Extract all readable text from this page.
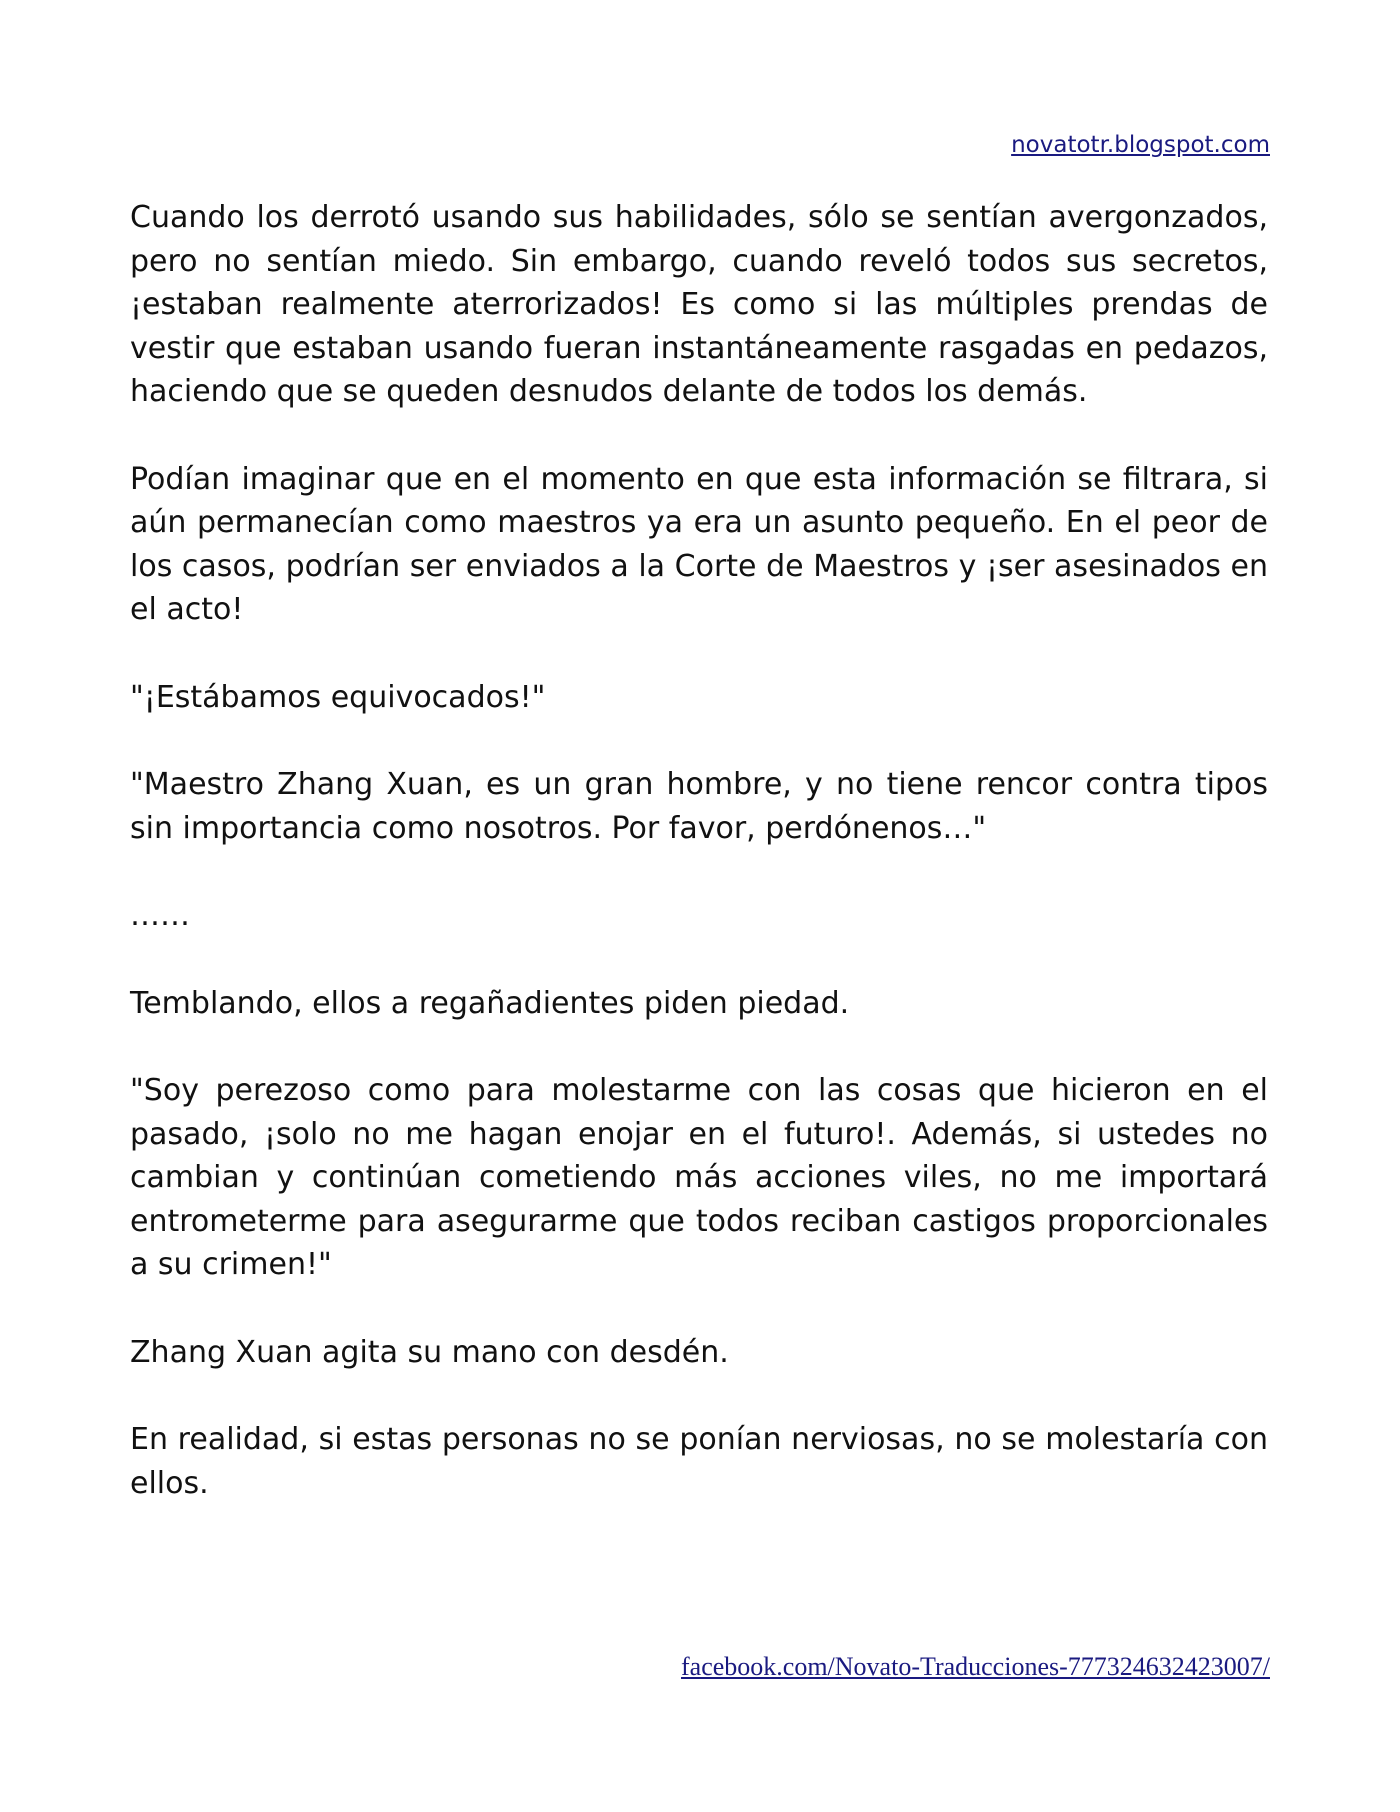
novatotr.blogspot.com

Cuando los derrotó usando sus habilidades, sólo se sentían avergonzados, pero no sentían miedo. Sin embargo, cuando reveló todos sus secretos, ¡estaban realmente aterrorizados! Es como si las múltiples prendas de vestir que estaban usando fueran instantáneamente rasgadas en pedazos, haciendo que se queden desnudos delante de todos los demás.

Podían imaginar que en el momento en que esta información se filtrara, si aún permanecían como maestros ya era un asunto pequeño. En el peor de los casos, podrían ser enviados a la Corte de Maestros y ¡ser asesinados en el acto!

"¡Estábamos equivocados!"

"Maestro Zhang Xuan, es un gran hombre, y no tiene rencor contra tipos sin importancia como nosotros. Por favor, perdónenos…"

……

Temblando, ellos a regañadientes piden piedad.

"Soy perezoso como para molestarme con las cosas que hicieron en el pasado, ¡solo no me hagan enojar en el futuro!. Además, si ustedes no cambian y continúan cometiendo más acciones viles, no me importará entrometerme para asegurarme que todos reciban castigos proporcionales a su crimen!"

Zhang Xuan agita su mano con desdén.

En realidad, si estas personas no se ponían nerviosas, no se molestaría con ellos.

facebook.com/Novato-Traducciones-777324632423007/
